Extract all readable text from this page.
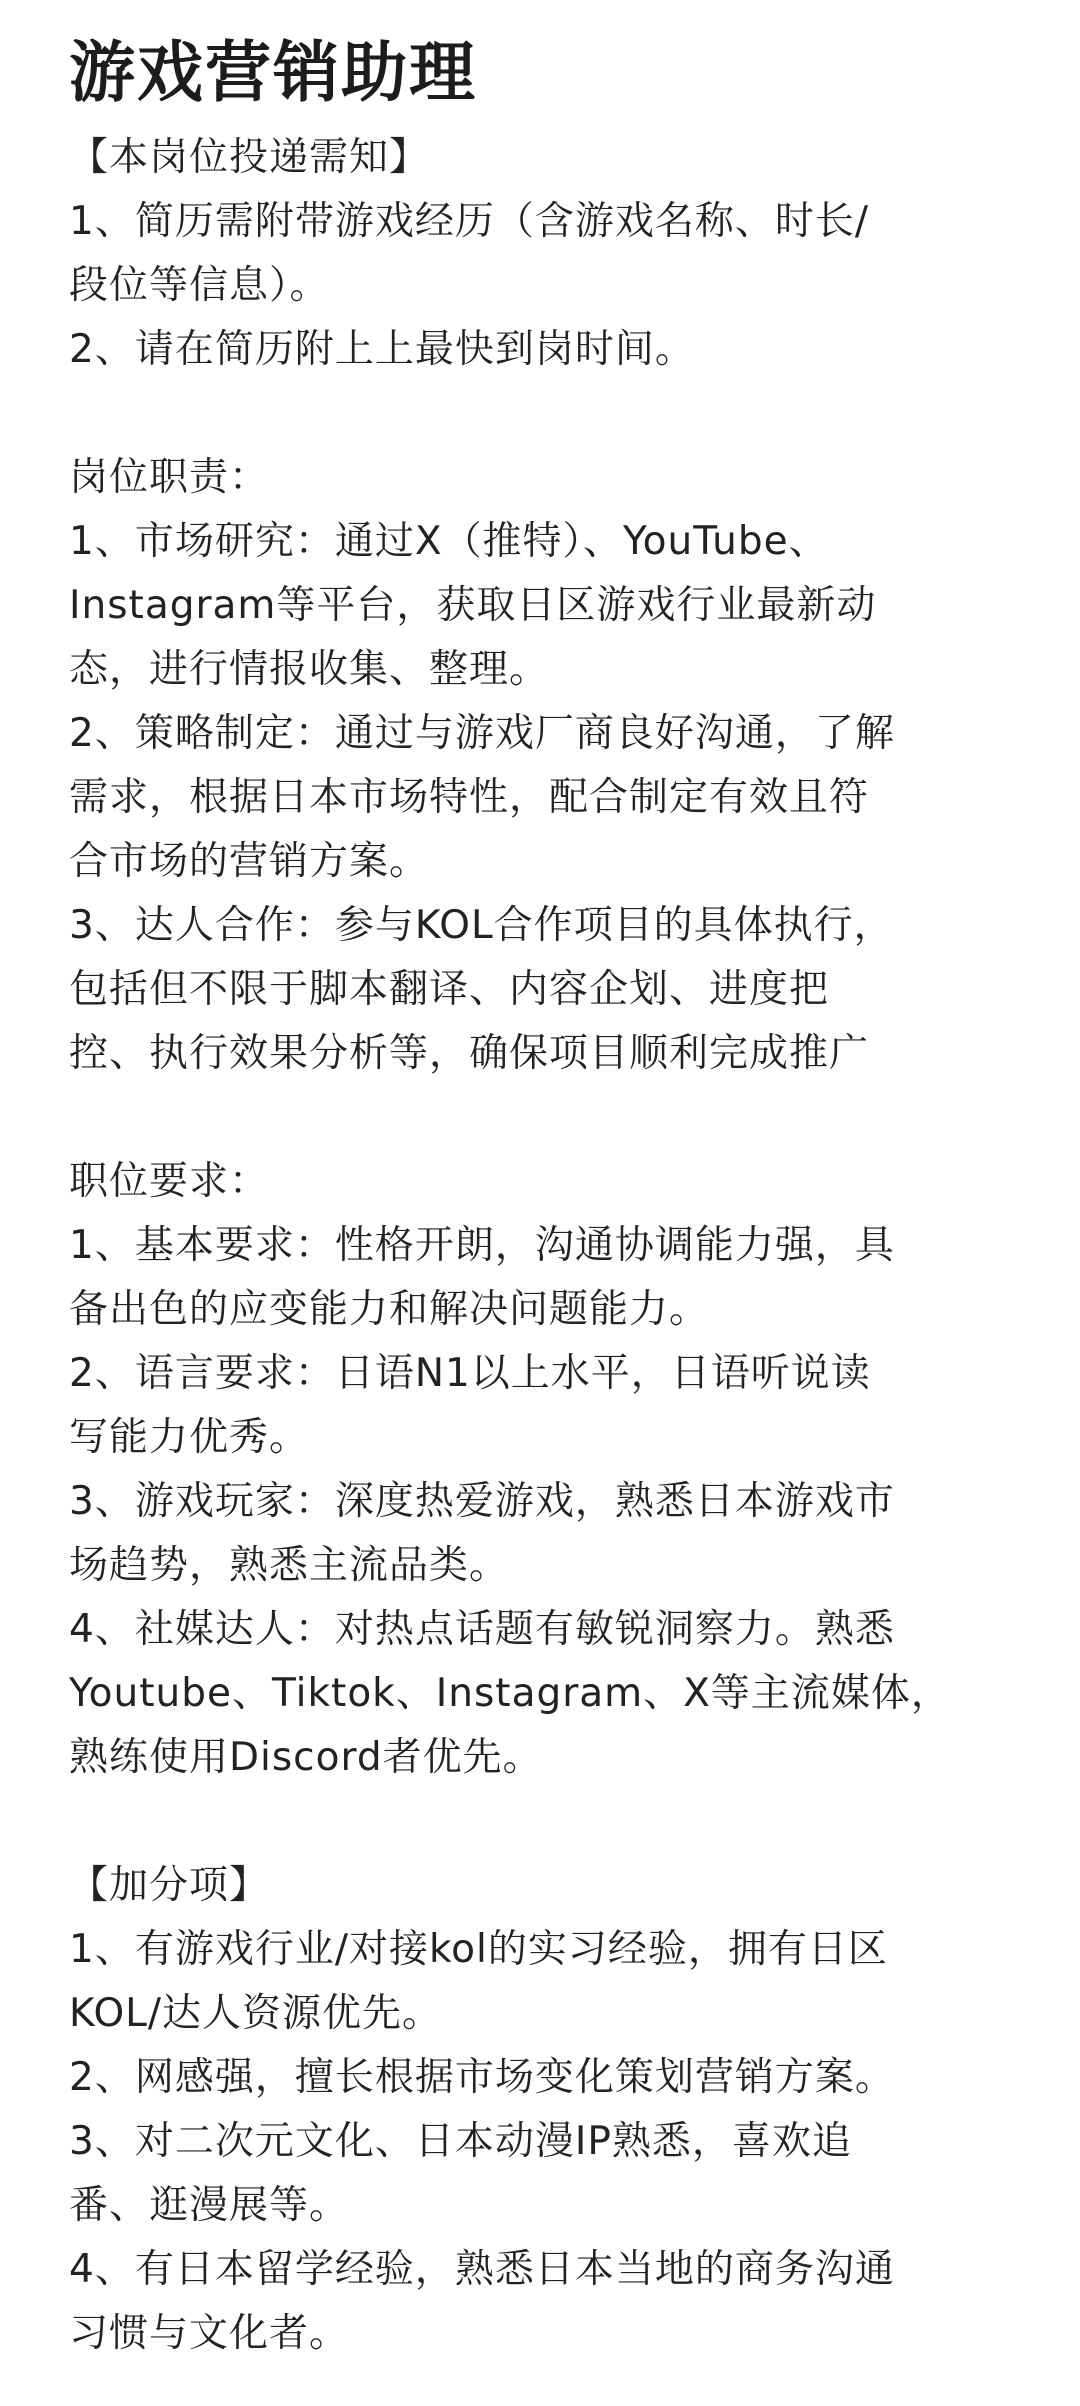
游戏营销助理
【本岗位投递需知】
1、简历需附带游戏经历（含游戏名称、时长/
段位等信息）。
2、请在简历附上上最快到岗时间。
岗位职责：
1、市场研究：通过X（推特）、YouTube、
Instagram等平台，获取日区游戏行业最新动
态，进行情报收集、整理。
2、策略制定：通过与游戏厂商良好沟通，了解
需求，根据日本市场特性，配合制定有效且符
合市场的营销方案。
3、达人合作：参与KOL合作项目的具体执行，
包括但不限于脚本翻译、内容企划、进度把
控、执行效果分析等，确保项目顺利完成推广
职位要求：
1、基本要求：性格开朗，沟通协调能力强，具
备出色的应变能力和解决问题能力。
2、语言要求：日语N1以上水平，日语听说读
写能力优秀。
3、游戏玩家：深度热爱游戏，熟悉日本游戏市
场趋势，熟悉主流品类。
4、社媒达人：对热点话题有敏锐洞察力。熟悉
Youtube、Tiktok、Instagram、X等主流媒体，
熟练使用Discord者优先。
【加分项】
1、有游戏行业/对接kol的实习经验，拥有日区
KOL/达人资源优先。
2、网感强，擅长根据市场变化策划营销方案。
3、对二次元文化、日本动漫IP熟悉，喜欢追
番、逛漫展等。
4、有日本留学经验，熟悉日本当地的商务沟通
习惯与文化者。
